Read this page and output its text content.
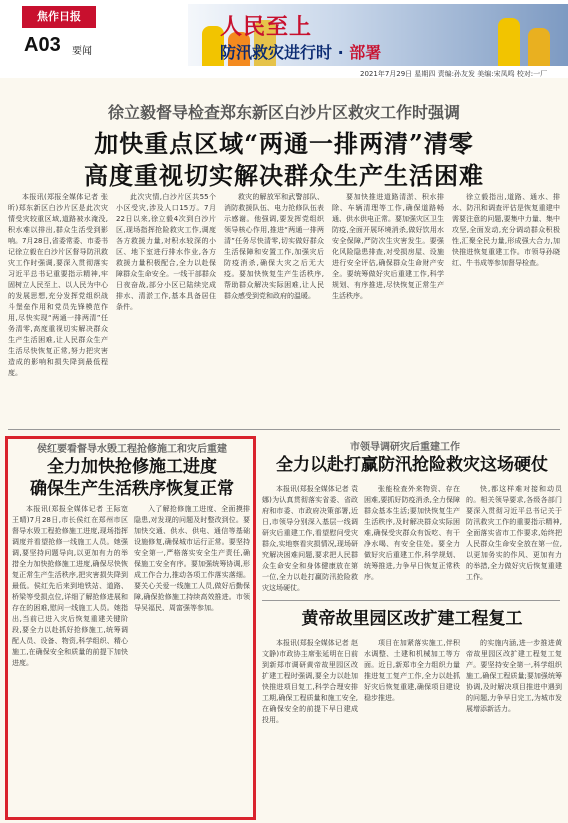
焦作日报
A03 要闻
人民至上
防汛救灾进行时 · 部署
2021年7月29日 星期四 责编:孙友发 美编:宋凤鸣 校对:一厂
徐立毅督导检查郑东新区白沙片区救灾工作时强调
加快重点区域“两通一排两清”清零
高度重视切实解决群众生产生活困难

本报讯(郑报全媒体记者 张昕)郑东新区白沙片区是此次灾情受灾较重区域,道路被水淹没,积水难以排出,群众生活受到影响。7月28日,省委常委、市委书记徐立毅在白沙片区督导防汛救灾工作时强调,要深入贯彻落实习近平总书记重要指示精神,牢固树立人民至上、以人民为中心的发展思想,充分发挥党组织战斗堡垒作用和党员先锋模范作用,尽快实现“两通一排两清”任务清零,高度重视切实解决群众生产生活困难,让人民群众生产生活尽快恢复正常,努力把灾害造成的影响和损失降到最低程度。

此次灾情,白沙片区共55个小区受灾,涉及人口15万。7月22日以来,徐立毅4次到白沙片区,现场指挥抢险救灾工作,调度各方救援力量,对积水较深的小区、地下室进行排水作业,各方救援力量积极配合,全力以赴保障群众生命安全。一线干部群众日夜奋战,部分小区已陆续完成排水、清淤工作,基本具备居住条件。

救灾的解放军和武警部队、消防救援队伍、电力抢修队伍表示感谢。他强调,要发挥党组织领导核心作用,推进“两通一排两清”任务尽快清零,切实做好群众生活保障和安置工作,加强灾后防疫消杀,确保大灾之后无大疫。要加快恢复生产生活秩序,帮助群众解决实际困难,让人民群众感受到党和政府的温暖。

要加快推进道路清淤、积水排除、车辆清理等工作,确保道路畅通、供水供电正常。要加强灾区卫生防疫,全面开展环境消杀,做好饮用水安全保障,严防次生灾害发生。要强化风险隐患排查,对受损房屋、设施进行安全评估,确保群众生命财产安全。要统筹做好灾后重建工作,科学规划、有序推进,尽快恢复正常生产生活秩序。

徐立毅指出,道路、通水、排水、防汛和调查评估是恢复重建中需要注意的问题,要集中力量、集中攻坚,全面发动,充分调动群众积极性,汇聚全民力量,形成强大合力,加快推进恢复重建工作。市领导孙晓红、牛书成等参加督导检查。

侯红要看督导水毁工程抢修施工和灾后重建
全力加快抢修施工进度
确保生产生活秩序恢复正常

本报讯(郑报全媒体记者 王际宽 王晴)7月28日,市长侯红在郑州市区督导水毁工程抢修施工进度,现场指挥调度并看望抢修一线施工人员。她强调,要坚持问题导向,以更加有力的举措全力加快抢修施工进度,确保尽快恢复正常生产生活秩序,把灾害损失降到最低。侯红先后来到地铁站、道路、桥梁等受损点位,详细了解抢修进展和存在的困难,慰问一线施工人员。她指出,当前已进入灾后恢复重建关键阶段,要全力以赴抓好抢修施工,统筹调配人员、设备、物资,科学组织、精心施工,在确保安全和质量的前提下加快进度。

入了解抢修施工进度、全面摸排隐患,对发现的问题及时整改到位。要加快交通、供水、供电、通信等基础设施修复,确保城市运行正常。要坚持安全第一,严格落实安全生产责任,确保施工安全有序。要加强统筹协调,形成工作合力,推动各项工作落实落细。要关心关爱一线施工人员,做好后勤保障,确保抢修施工持续高效推进。市领导吴福民、周富强等参加。

市领导调研灾后重建工作
全力以赴打赢防汛抢险救灾这场硬仗

本报讯(郑报全媒体记者 袁娜)为认真贯彻落实省委、省政府和市委、市政府决策部署,近日,市领导分别深入基层一线调研灾后重建工作,看望慰问受灾群众,实地察看灾损情况,现场研究解决困难问题,要求把人民群众生命安全和身体健康放在第一位,全力以赴打赢防汛抢险救灾这场硬仗。

张能检查外来物资、存在困难,要抓好防疫消杀,全力保障群众基本生活;要加快恢复生产生活秩序,及时解决群众实际困难,确保受灾群众有饭吃、有干净水喝、有安全住处。要全力做好灾后重建工作,科学规划、统筹推进,力争早日恢复正常秩序。

快,都这样难对接和动员的。相关领导要求,各级各部门要深入贯彻习近平总书记关于防汛救灾工作的重要指示精神,全面落实省市工作要求,始终把人民群众生命安全放在第一位,以更加务实的作风、更加有力的举措,全力做好灾后恢复重建工作。

黄帝故里园区改扩建工程复工

本报讯(郑报全媒体记者 赵文静)市政协主席张延明在日前到新郑市调研黄帝故里园区改扩建工程时强调,要全力以赴加快推进项目复工,科学合理安排工期,确保工程质量和施工安全,在确保安全的前提下早日建成投用。

项目在加紧落实施工,伴积水调整、土建和机械加工等方面。近日,新郑市全力组织力量推进复工复产工作,全力以赴抓好灾后恢复重建,确保项目建设稳步推进。

的实施内涵,进一步推进黄帝故里园区改扩建工程复工复产。要坚持安全第一,科学组织施工,确保工程质量;要加强统筹协调,及时解决项目推进中遇到的问题,力争早日完工,为城市发展增添新活力。
